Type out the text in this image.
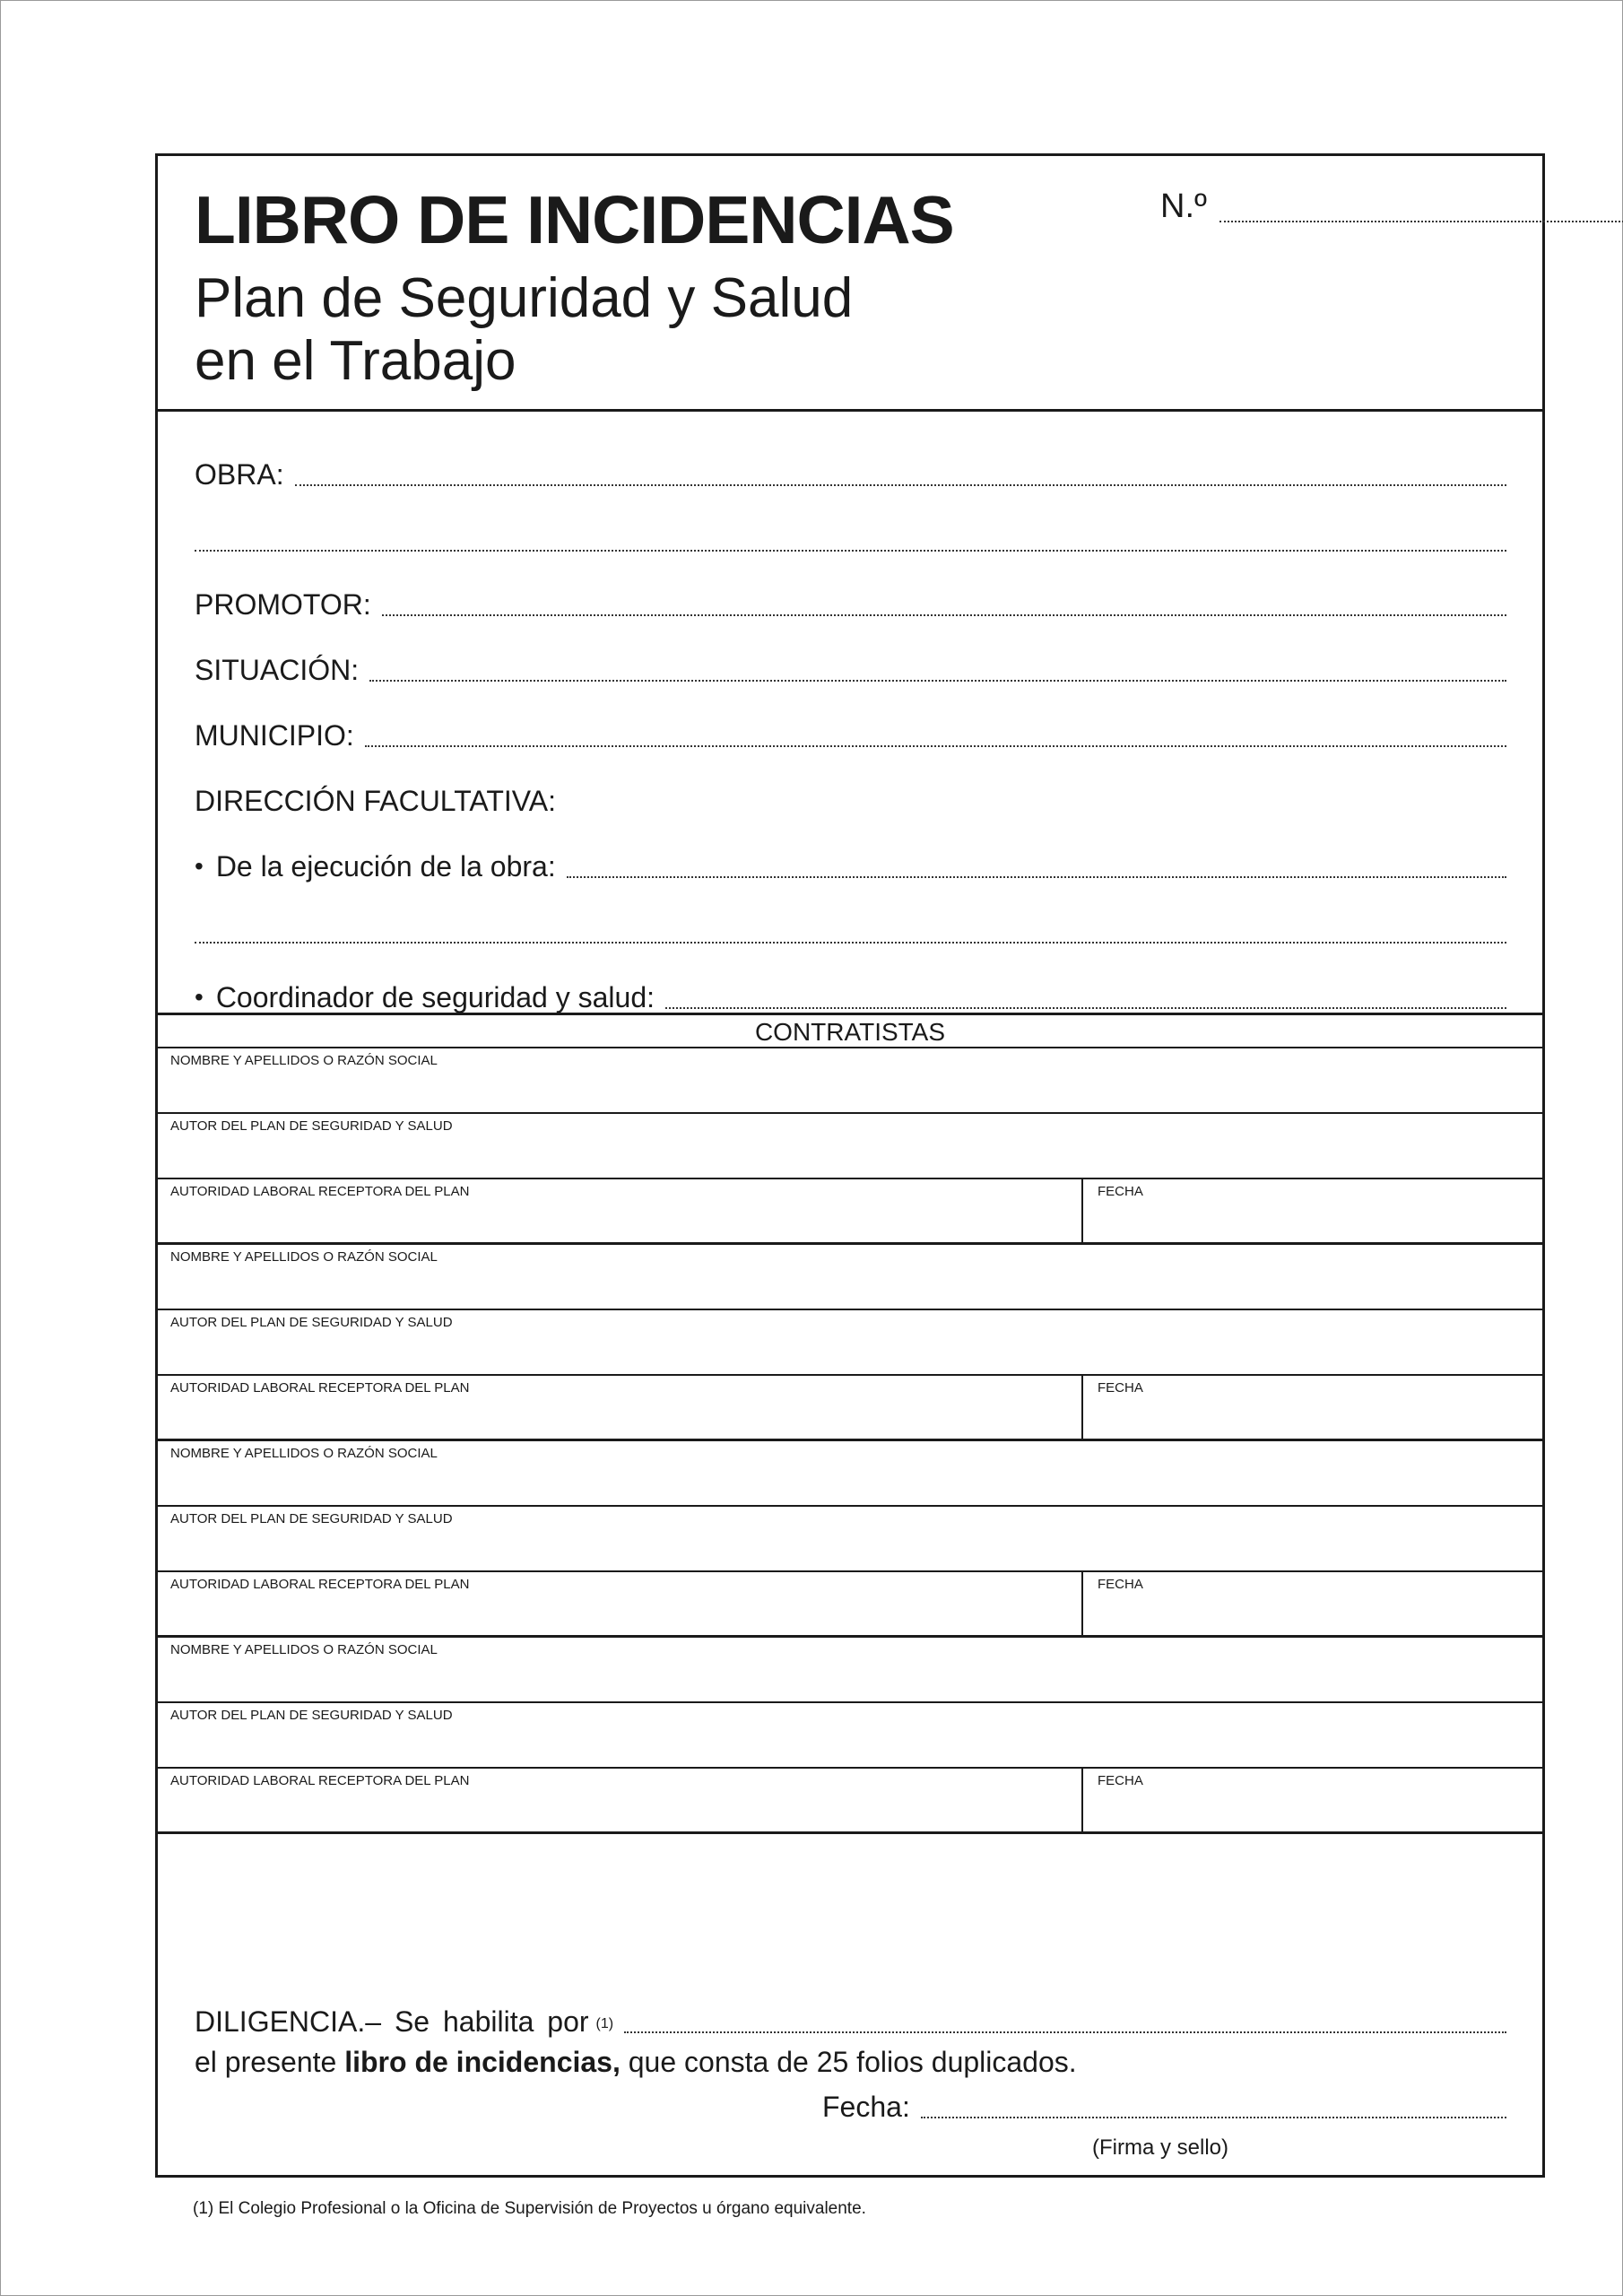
LIBRO DE INCIDENCIAS
Plan de Seguridad y Salud
en el Trabajo
N.º
OBRA:
PROMOTOR:
SITUACIÓN:
MUNICIPIO:
DIRECCIÓN FACULTATIVA:
• De la ejecución de la obra:
• Coordinador de seguridad y salud:
CONTRATISTAS
NOMBRE Y APELLIDOS O RAZÓN SOCIAL
AUTOR DEL PLAN DE SEGURIDAD Y SALUD
AUTORIDAD LABORAL RECEPTORA DEL PLAN	FECHA
NOMBRE Y APELLIDOS O RAZÓN SOCIAL
AUTOR DEL PLAN DE SEGURIDAD Y SALUD
AUTORIDAD LABORAL RECEPTORA DEL PLAN	FECHA
NOMBRE Y APELLIDOS O RAZÓN SOCIAL
AUTOR DEL PLAN DE SEGURIDAD Y SALUD
AUTORIDAD LABORAL RECEPTORA DEL PLAN	FECHA
NOMBRE Y APELLIDOS O RAZÓN SOCIAL
AUTOR DEL PLAN DE SEGURIDAD Y SALUD
AUTORIDAD LABORAL RECEPTORA DEL PLAN	FECHA
DILIGENCIA.– Se habilita por $^{(1)}$
el presente libro de incidencias, que consta de 25 folios duplicados.
Fecha:
(Firma y sello)
(1) El Colegio Profesional o la Oficina de Supervisión de Proyectos u órgano equivalente.
